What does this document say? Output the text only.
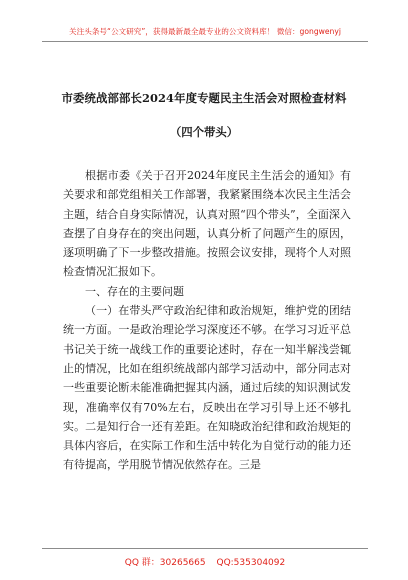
关注头条号“公文研究”，获得最新最全最专业的公文资料库！ 微信：gongwenyj
市委统战部部长2024年度专题民主生活会对照检查材料
（四个带头）

根据市委《关于召开2024年度民主生活会的通知》有关要求和部党组相关工作部署，我紧紧围绕本次民主生活会主题，结合自身实际情况，认真对照“四个带头”，全面深入查摆了自身存在的突出问题，认真分析了问题产生的原因，逐项明确了下一步整改措施。按照会议安排，现将个人对照检查情况汇报如下。

一、存在的主要问题

（一）在带头严守政治纪律和政治规矩，维护党的团结统一方面。一是政治理论学习深度还不够。在学习习近平总书记关于统一战线工作的重要论述时，存在一知半解浅尝辄止的情况，比如在组织统战部内部学习活动中，部分同志对一些重要论断未能准确把握其内涵，通过后续的知识测试发现，准确率仅有70%左右，反映出在学习引导上还不够扎实。二是知行合一还有差距。在知晓政治纪律和政治规矩的具体内容后，在实际工作和生活中转化为自觉行动的能力还有待提高，学用脱节情况依然存在。三是

QQ 群：30265665 QQ:535304092
